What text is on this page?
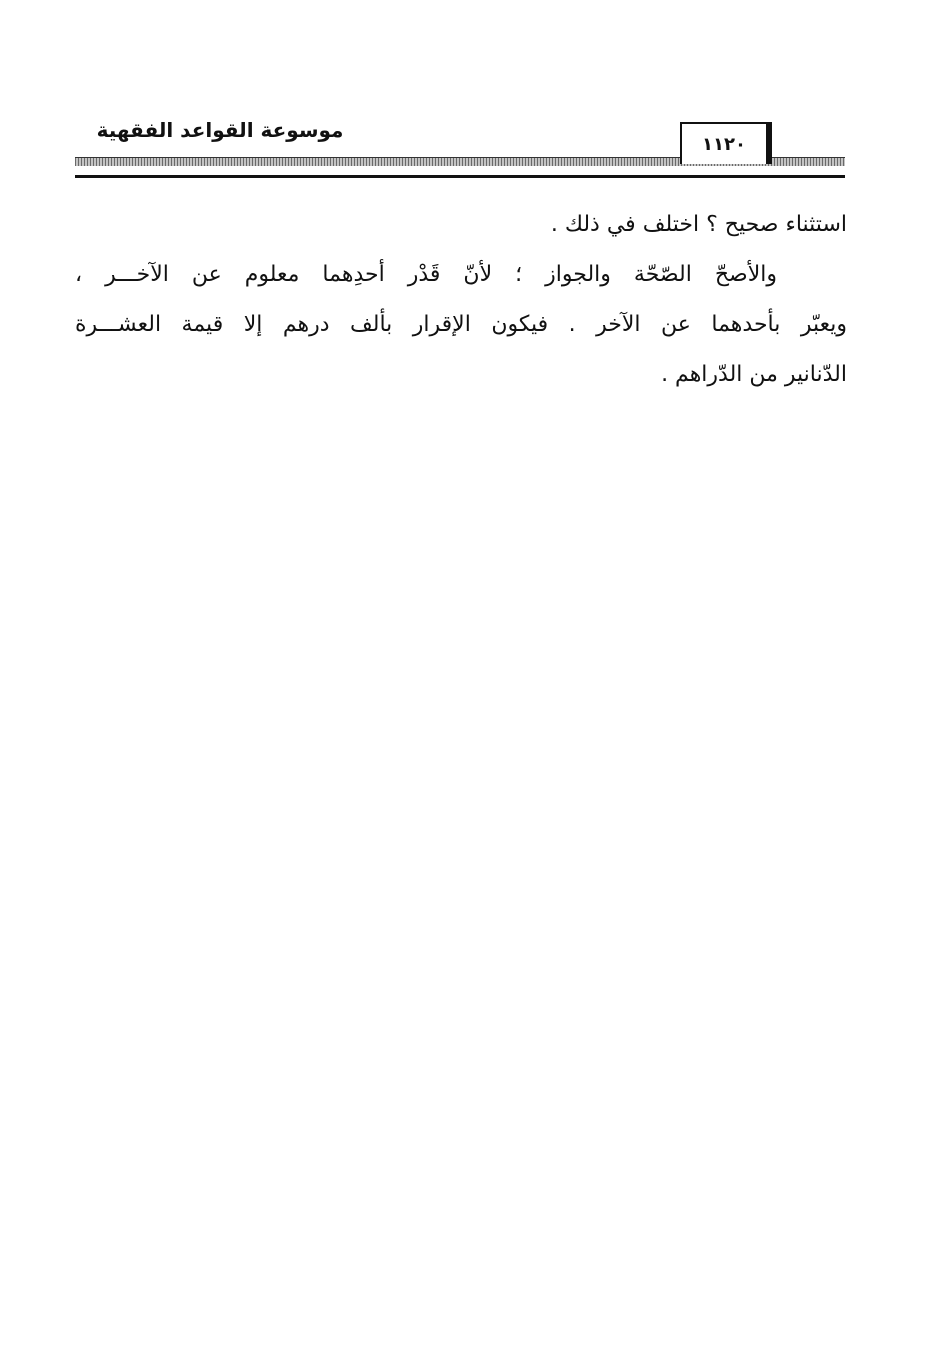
موسوعة القواعد الفقهية
١١٢٠
استثناء صحيح ؟ اختلف في ذلك .
والأصحّ الصّحّة والجواز ؛ لأنّ قَدْر أحدِهما معلوم عن الآخـــر ،
ويعبّر بأحدهما عن الآخر . فيكون الإقرار بألف درهم إلا قيمة العشـــرة
الدّنانير من الدّراهم .
